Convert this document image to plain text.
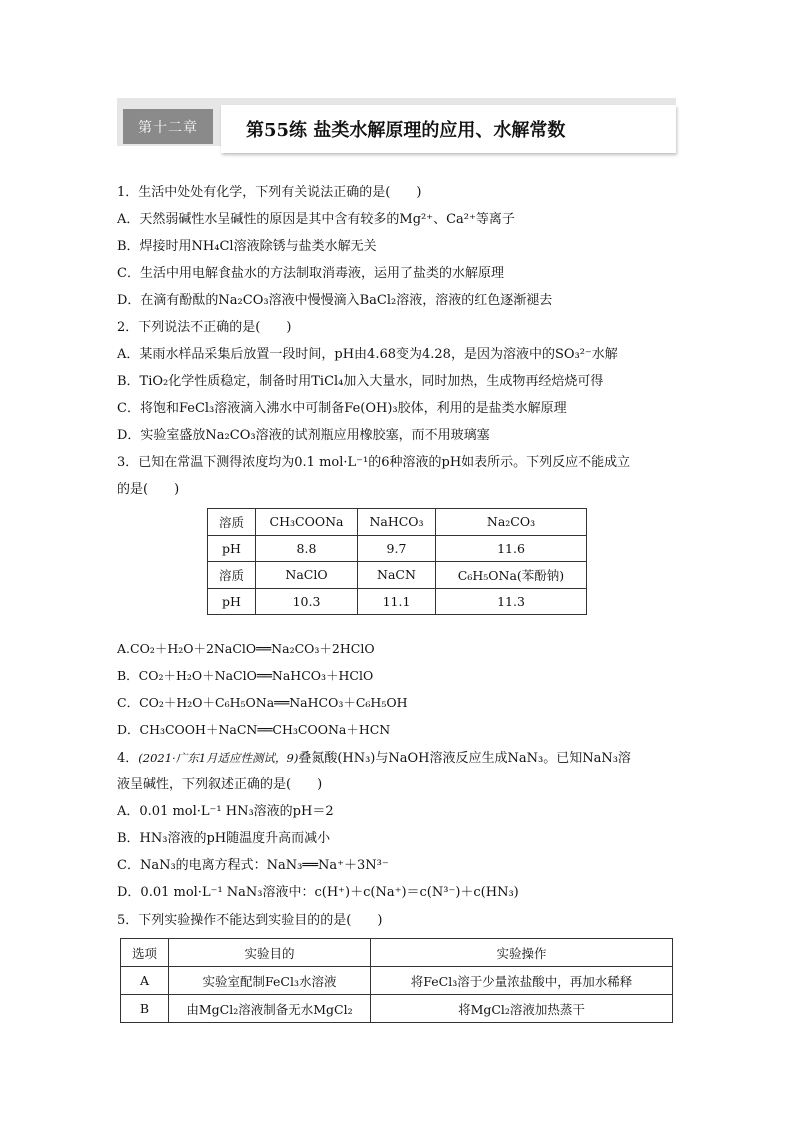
第十二章	第55练 盐类水解原理的应用、水解常数
1．生活中处处有化学，下列有关说法正确的是(　　)
A．天然弱碱性水呈碱性的原因是其中含有较多的Mg²⁺、Ca²⁺等离子
B．焊接时用NH₄Cl溶液除锈与盐类水解无关
C．生活中用电解食盐水的方法制取消毒液，运用了盐类的水解原理
D．在滴有酚酞的Na₂CO₃溶液中慢慢滴入BaCl₂溶液，溶液的红色逐渐褪去
2．下列说法不正确的是(　　)
A．某雨水样品采集后放置一段时间，pH由4.68变为4.28，是因为溶液中的SO₃²⁻水解
B．TiO₂化学性质稳定，制备时用TiCl₄加入大量水，同时加热，生成物再经焙烧可得
C．将饱和FeCl₃溶液滴入沸水中可制备Fe(OH)₃胶体，利用的是盐类水解原理
D．实验室盛放Na₂CO₃溶液的试剂瓶应用橡胶塞，而不用玻璃塞
3．已知在常温下测得浓度均为0.1 mol·L⁻¹的6种溶液的pH如表所示。下列反应不能成立
的是(　　)
溶质	CH₃COONa	NaHCO₃	Na₂CO₃
pH	8.8	9.7	11.6
溶质	NaClO	NaCN	C₆H₅ONa(苯酚钠)
pH	10.3	11.1	11.3
A.CO₂＋H₂O＋2NaClO══Na₂CO₃＋2HClO
B．CO₂＋H₂O＋NaClO══NaHCO₃＋HClO
C．CO₂＋H₂O＋C₆H₅ONa══NaHCO₃＋C₆H₅OH
D．CH₃COOH＋NaCN══CH₃COONa＋HCN
4．(2021·广东1月适应性测试，9)叠氮酸(HN₃)与NaOH溶液反应生成NaN₃。已知NaN₃溶
液呈碱性，下列叙述正确的是(　　)
A．0.01 mol·L⁻¹ HN₃溶液的pH＝2
B．HN₃溶液的pH随温度升高而减小
C．NaN₃的电离方程式：NaN₃══Na⁺＋3N³⁻
D．0.01 mol·L⁻¹ NaN₃溶液中：c(H⁺)＋c(Na⁺)＝c(N³⁻)＋c(HN₃)
5．下列实验操作不能达到实验目的的是(　　)
选项	实验目的	实验操作
A	实验室配制FeCl₃水溶液	将FeCl₃溶于少量浓盐酸中，再加水稀释
B	由MgCl₂溶液制备无水MgCl₂	将MgCl₂溶液加热蒸干
